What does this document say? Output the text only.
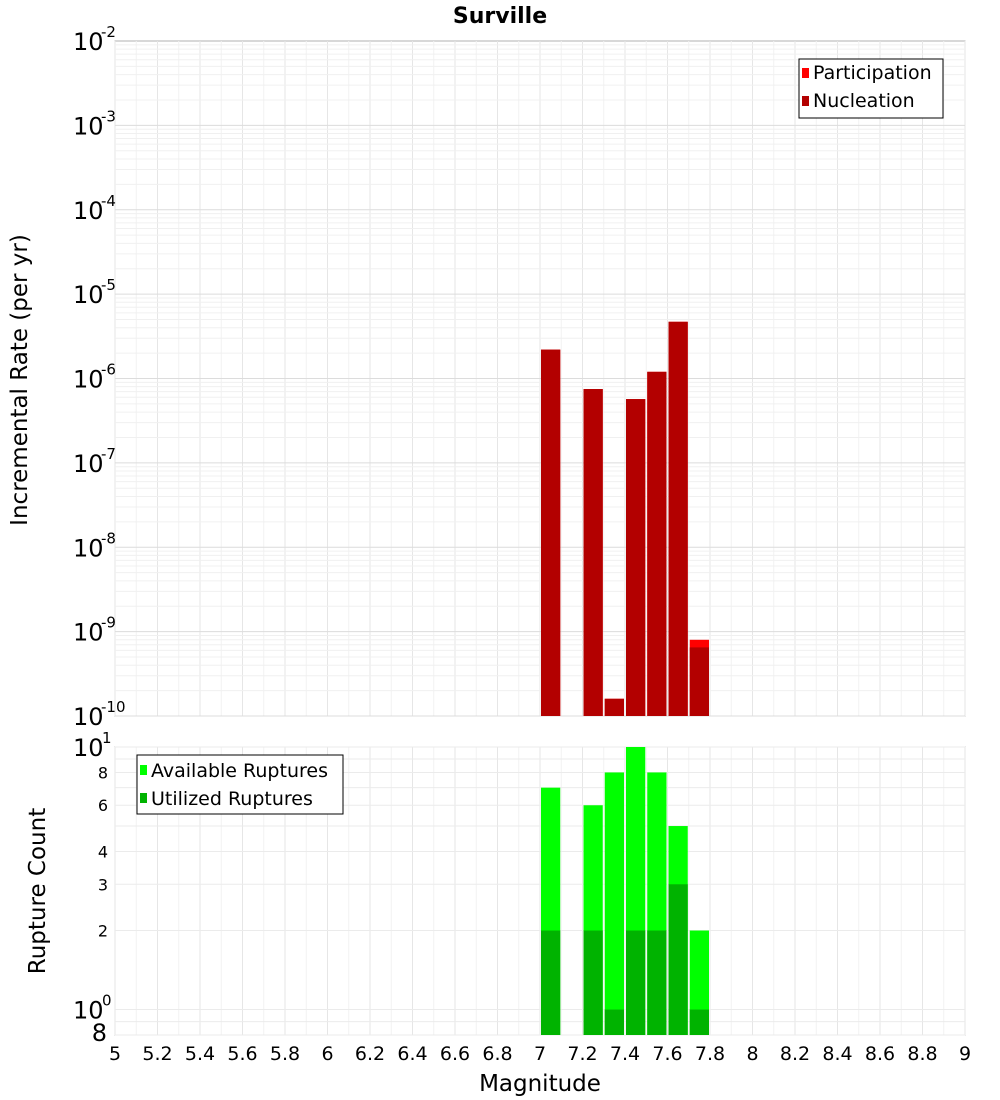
Surville
10
-10
10
-9
10
-8
10
-7
10
-6
10
-5
10
-4
10
-3
10
-2
Incremental Rate (per yr)
Participation
Nucleation
2
3
4
6
8
10
0
10
1
8
5 5.2 5.4 5.6 5.8 6 6.2 6.4 6.6 6.8 7 7.2 7.4 7.6 7.8 8 8.2 8.4 8.6 8.8 9
Rupture Count
Magnitude
Available Ruptures
Utilized Ruptures
